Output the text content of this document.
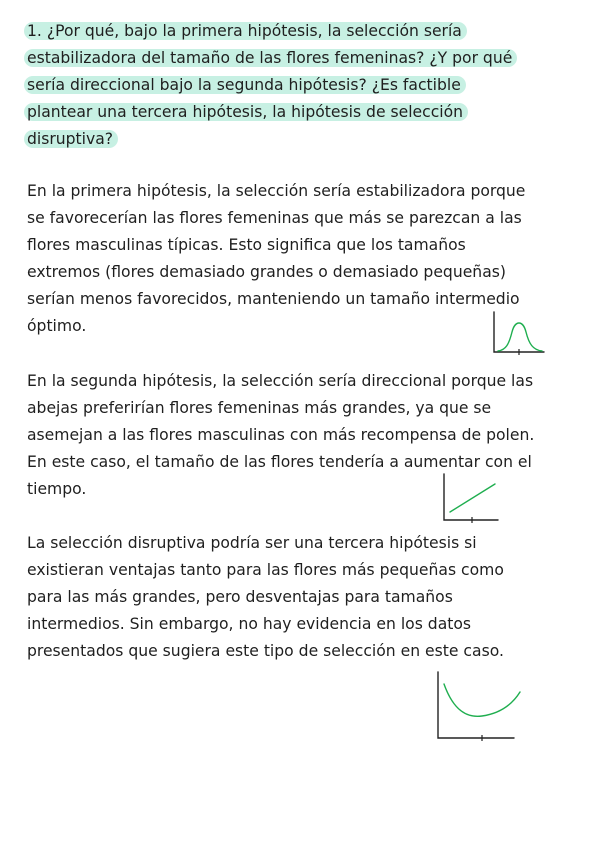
1. ¿Por qué, bajo la primera hipótesis, la selección sería

estabilizadora del tamaño de las flores femeninas? ¿Y por qué

sería direccional bajo la segunda hipótesis? ¿Es factible

plantear una tercera hipótesis, la hipótesis de selección

disruptiva?

En la primera hipótesis, la selección sería estabilizadora porque

se favorecerían las flores femeninas que más se parezcan a las

flores masculinas típicas. Esto significa que los tamaños

extremos (flores demasiado grandes o demasiado pequeñas)

serían menos favorecidos, manteniendo un tamaño intermedio

óptimo.

En la segunda hipótesis, la selección sería direccional porque las

abejas preferirían flores femeninas más grandes, ya que se

asemejan a las flores masculinas con más recompensa de polen.

En este caso, el tamaño de las flores tendería a aumentar con el

tiempo.

La selección disruptiva podría ser una tercera hipótesis si

existieran ventajas tanto para las flores más pequeñas como

para las más grandes, pero desventajas para tamaños

intermedios. Sin embargo, no hay evidencia en los datos

presentados que sugiera este tipo de selección en este caso.
